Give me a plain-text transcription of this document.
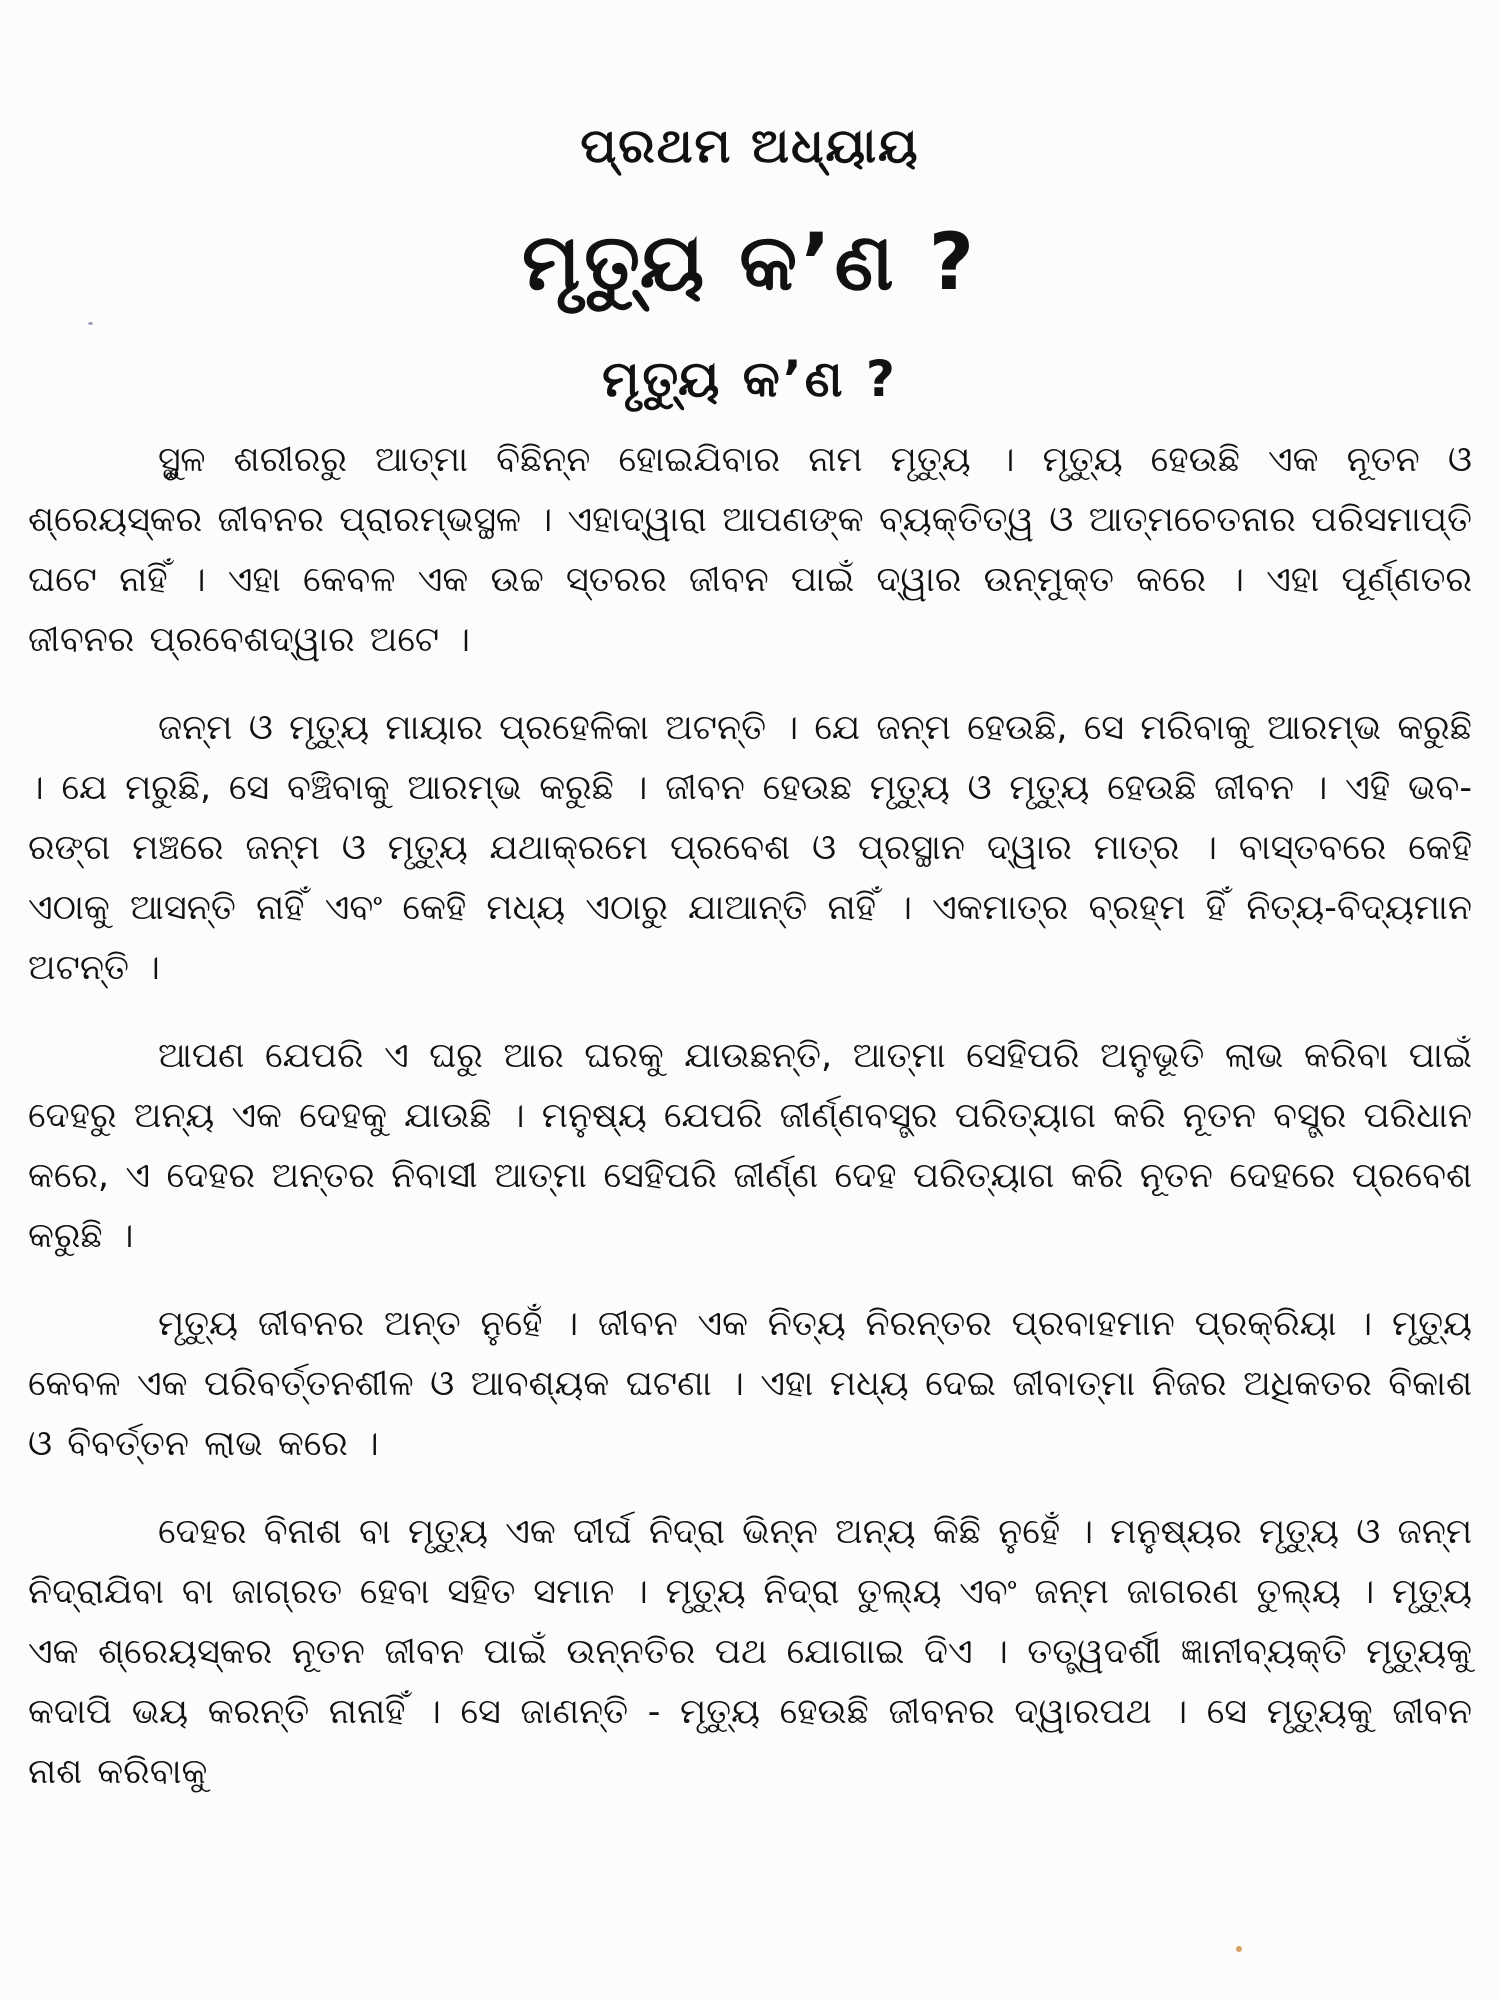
ପ୍ରଥମ ଅଧ୍ୟାୟ
ମୃତ୍ୟୁ କ’ଣ ?
ମୃତ୍ୟୁ କ’ଣ ?

ସ୍ଥୁଳ ଶରୀରରୁ ଆତ୍ମା ବିଛିନ୍ନ ହୋଇଯିବାର ନାମ ମୃତ୍ୟୁ । ମୃତ୍ୟୁ ହେଉଛି ଏକ ନୂତନ ଓ ଶ୍ରେୟସ୍କର ଜୀବନର ପ୍ରାରମ୍ଭସ୍ଥଳ । ଏହାଦ୍ୱାରା ଆପଣଙ୍କ ବ୍ୟକ୍ତିତ୍ୱ ଓ ଆତ୍ମଚେତନାର ପରିସମାପ୍ତି ଘଟେ ନାହିଁ । ଏହା କେବଳ ଏକ ଉଚ୍ଚ ସ୍ତରର ଜୀବନ ପାଇଁ ଦ୍ୱାର ଉନ୍ମୁକ୍ତ କରେ । ଏହା ପୂର୍ଣ୍ଣତର ଜୀବନର ପ୍ରବେଶଦ୍ୱାର ଅଟେ ।

ଜନ୍ମ ଓ ମୃତ୍ୟୁ ମାୟାର ପ୍ରହେଳିକା ଅଟନ୍ତି । ଯେ ଜନ୍ମ ହେଉଛି, ସେ ମରିବାକୁ ଆରମ୍ଭ କରୁଛି । ଯେ ମରୁଛି, ସେ ବଞ୍ଚିବାକୁ ଆରମ୍ଭ କରୁଛି । ଜୀବନ ହେଉଛ ମୃତ୍ୟୁ ଓ ମୃତ୍ୟୁ ହେଉଛି ଜୀବନ । ଏହି ଭବ-ରଙ୍ଗ ମଞ୍ଚରେ ଜନ୍ମ ଓ ମୃତ୍ୟୁ ଯଥାକ୍ରମେ ପ୍ରବେଶ ଓ ପ୍ରସ୍ଥାନ ଦ୍ୱାର ମାତ୍ର । ବାସ୍ତବରେ କେହି ଏଠାକୁ ଆସନ୍ତି ନାହିଁ ଏବଂ କେହି ମଧ୍ୟ ଏଠାରୁ ଯାଆନ୍ତି ନାହିଁ । ଏକମାତ୍ର ବ୍ରହ୍ମ ହିଁ ନିତ୍ୟ-ବିଦ୍ୟମାନ ଅଟନ୍ତି ।

ଆପଣ ଯେପରି ଏ ଘରୁ ଆର ଘରକୁ ଯାଉଛନ୍ତି, ଆତ୍ମା ସେହିପରି ଅନୁଭୂତି ଲାଭ କରିବା ପାଇଁ ଦେହରୁ ଅନ୍ୟ ଏକ ଦେହକୁ ଯାଉଛି । ମନୁଷ୍ୟ ଯେପରି ଜୀର୍ଣ୍ଣବସ୍ତ୍ର ପରିତ୍ୟାଗ କରି ନୂତନ ବସ୍ତ୍ର ପରିଧାନ କରେ, ଏ ଦେହର ଅନ୍ତର ନିବାସୀ ଆତ୍ମା ସେହିପରି ଜୀର୍ଣ୍ଣ ଦେହ ପରିତ୍ୟାଗ କରି ନୂତନ ଦେହରେ ପ୍ରବେଶ କରୁଛି ।

ମୃତ୍ୟୁ ଜୀବନର ଅନ୍ତ ନୁହେଁ । ଜୀବନ ଏକ ନିତ୍ୟ ନିରନ୍ତର ପ୍ରବାହମାନ ପ୍ରକ୍ରିୟା । ମୃତ୍ୟୁ କେବଳ ଏକ ପରିବର୍ତ୍ତନଶୀଳ ଓ ଆବଶ୍ୟକ ଘଟଣା । ଏହା ମଧ୍ୟ ଦେଇ ଜୀବାତ୍ମା ନିଜର ଅଧିକତର ବିକାଶ ଓ ବିବର୍ତ୍ତନ ଲାଭ କରେ ।

ଦେହର ବିନାଶ ବା ମୃତ୍ୟୁ ଏକ ଦୀର୍ଘ ନିଦ୍ରା ଭିନ୍ନ ଅନ୍ୟ କିଛି ନୁହେଁ । ମନୁଷ୍ୟର ମୃତ୍ୟୁ ଓ ଜନ୍ମ ନିଦ୍ରାଯିବା ବା ଜାଗ୍ରତ ହେବା ସହିତ ସମାନ । ମୃତ୍ୟୁ ନିଦ୍ରା ତୁଲ୍ୟ ଏବଂ ଜନ୍ମ ଜାଗରଣ ତୁଲ୍ୟ । ମୃତ୍ୟୁ ଏକ ଶ୍ରେୟସ୍କର ନୂତନ ଜୀବନ ପାଇଁ ଉନ୍ନତିର ପଥ ଯୋଗାଇ ଦିଏ । ତତ୍ତ୍ୱଦର୍ଶୀ ଜ୍ଞାନୀବ୍ୟକ୍ତି ମୃତ୍ୟୁକୁ କଦାପି ଭୟ କରନ୍ତି ନାନାହିଁ । ସେ ଜାଣନ୍ତି - ମୃତ୍ୟୁ ହେଉଛି ଜୀବନର ଦ୍ୱାରପଥ । ସେ ମୃତ୍ୟୁକୁ ଜୀବନ ନାଶ କରିବାକୁ
